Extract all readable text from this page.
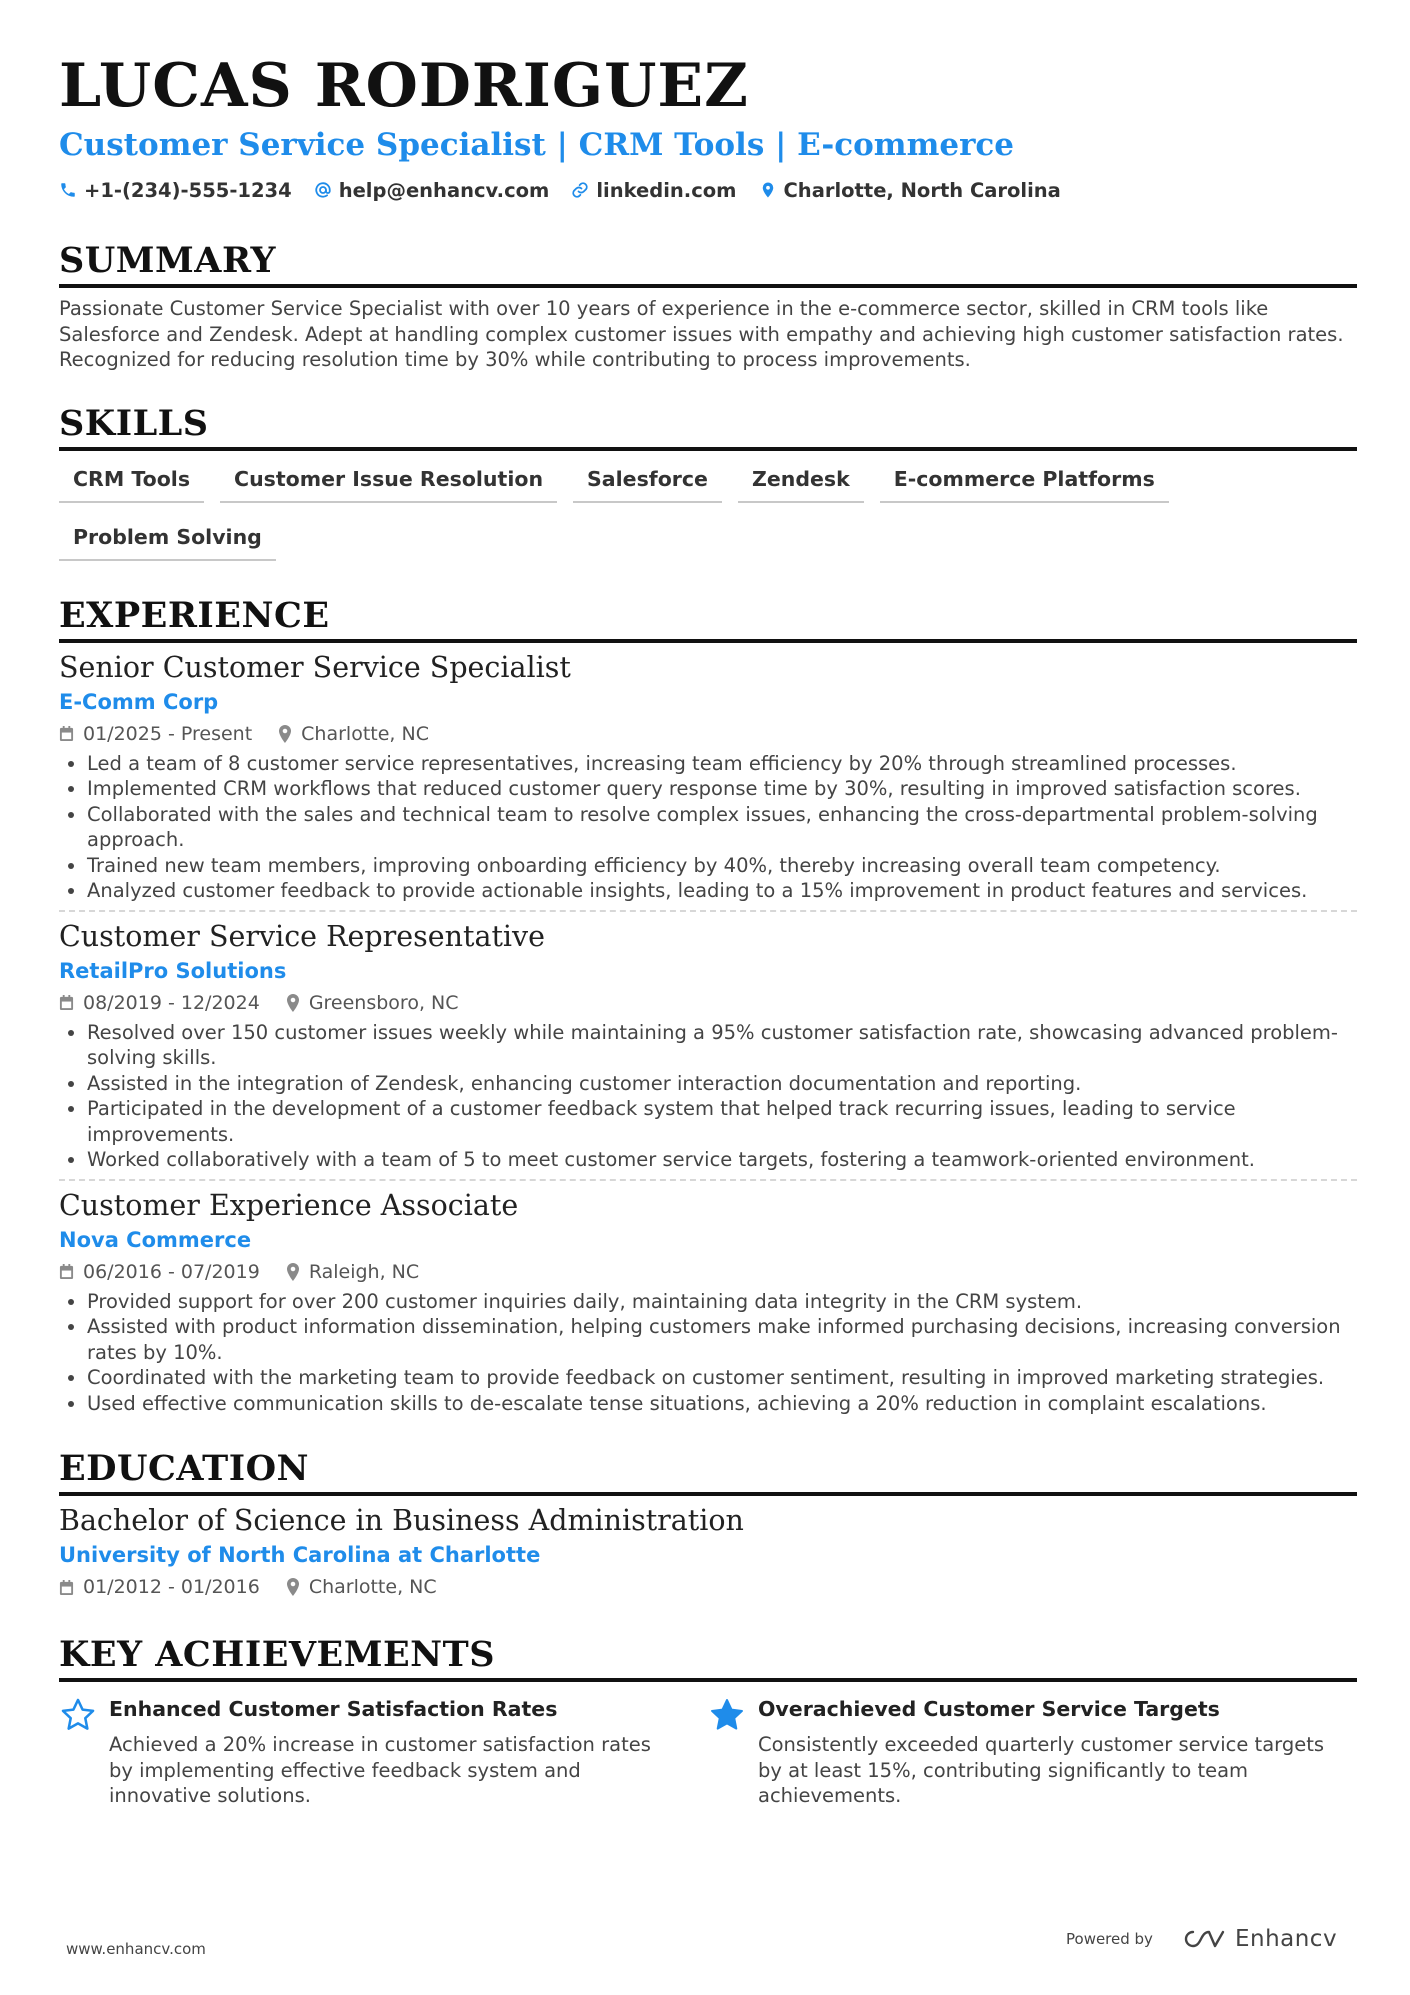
LUCAS RODRIGUEZ
Customer Service Specialist | CRM Tools | E-commerce
+1-(234)-555-1234 help@enhancv.com linkedin.com Charlotte, North Carolina
SUMMARY
Passionate Customer Service Specialist with over 10 years of experience in the e-commerce sector, skilled in CRM tools like Salesforce and Zendesk. Adept at handling complex customer issues with empathy and achieving high customer satisfaction rates. Recognized for reducing resolution time by 30% while contributing to process improvements.
SKILLS
CRM Tools	Customer Issue Resolution	Salesforce	Zendesk	E-commerce Platforms
Problem Solving
EXPERIENCE
Senior Customer Service Specialist
E-Comm Corp
01/2025 - Present	Charlotte, NC
• Led a team of 8 customer service representatives, increasing team efficiency by 20% through streamlined processes.
• Implemented CRM workflows that reduced customer query response time by 30%, resulting in improved satisfaction scores.
• Collaborated with the sales and technical team to resolve complex issues, enhancing the cross-departmental problem-solving approach.
• Trained new team members, improving onboarding efficiency by 40%, thereby increasing overall team competency.
• Analyzed customer feedback to provide actionable insights, leading to a 15% improvement in product features and services.
Customer Service Representative
RetailPro Solutions
08/2019 - 12/2024	Greensboro, NC
• Resolved over 150 customer issues weekly while maintaining a 95% customer satisfaction rate, showcasing advanced problem-solving skills.
• Assisted in the integration of Zendesk, enhancing customer interaction documentation and reporting.
• Participated in the development of a customer feedback system that helped track recurring issues, leading to service improvements.
• Worked collaboratively with a team of 5 to meet customer service targets, fostering a teamwork-oriented environment.
Customer Experience Associate
Nova Commerce
06/2016 - 07/2019	Raleigh, NC
• Provided support for over 200 customer inquiries daily, maintaining data integrity in the CRM system.
• Assisted with product information dissemination, helping customers make informed purchasing decisions, increasing conversion rates by 10%.
• Coordinated with the marketing team to provide feedback on customer sentiment, resulting in improved marketing strategies.
• Used effective communication skills to de-escalate tense situations, achieving a 20% reduction in complaint escalations.
EDUCATION
Bachelor of Science in Business Administration
University of North Carolina at Charlotte
01/2012 - 01/2016	Charlotte, NC
KEY ACHIEVEMENTS
Enhanced Customer Satisfaction Rates
Achieved a 20% increase in customer satisfaction rates by implementing effective feedback system and innovative solutions.
Overachieved Customer Service Targets
Consistently exceeded quarterly customer service targets by at least 15%, contributing significantly to team achievements.
www.enhancv.com
Powered by	Enhancv
